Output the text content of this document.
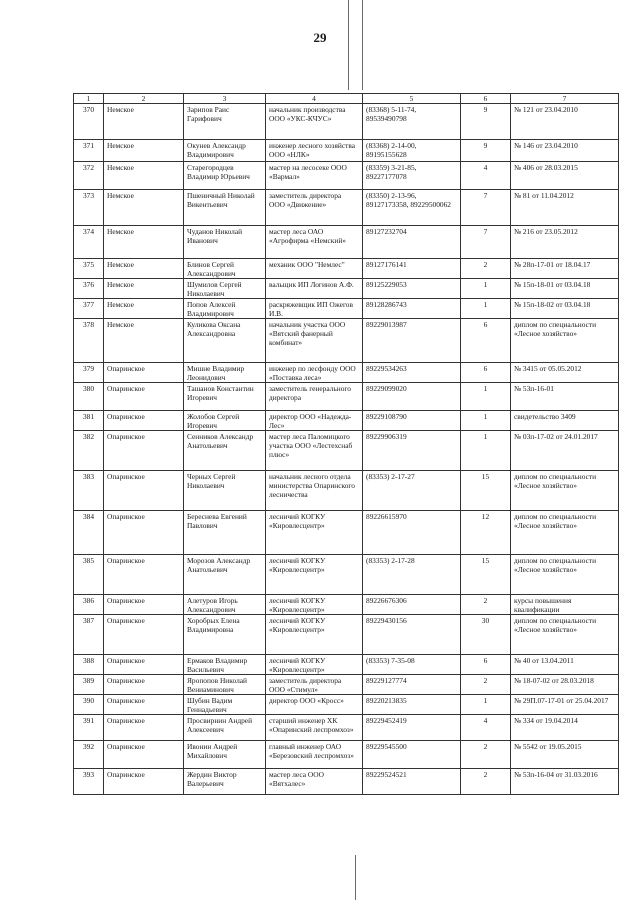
29
1	2	3	4	5	6	7
370	Немское	Зарипов Раис Гарифович	начальник производства ООО «УКС-КЧУС»	(83368) 5-11-74, 89539490798	9	№ 121 от 23.04.2010
371	Немское	Окунев Александр Владимирович	инженер лесного хозяйства ООО «НЛК»	(83368) 2-14-00, 89195155628	9	№ 146 от 23.04.2010
372	Немское	Старегородцев Владимир Юрьевич	мастер на лесосеке ООО «Вармал»	(83359) 3-21-85, 89227177078	4	№ 406 от 28.03.2015
373	Немское	Пшеничный Николай Викентьевич	заместитель директора ООО «Движение»	(83350) 2-13-96, 89127173358, 89229500062	7	№ 81 от 11.04.2012
374	Немское	Чуданов Николай Иванович	мастер леса ОАО «Агрофирма «Немский»	89127232704	7	№ 216 от 23.05.2012
375	Немское	Блинов Сергей Александрович	механик ООО "Немлес"	89127176141	2	№ 28п-17-01 от 18.04.17
376	Немское	Шумилов Сергей Николаевич	вальщик ИП Логинов А.Ф.	89125229053	1	№ 15п-18-01 от 03.04.18
377	Немское	Попов Алексей Владимирович	раскряжевщик ИП Ожегов И.В.	89128286743	1	№ 15п-18-02 от 03.04.18
378	Немское	Куликова Оксана Александровна	начальник участка ООО «Вятский фанерный комбинат»	89229013987	6	диплом по специальности «Лесное хозяйство»
379	Опаринское	Мишне Владимир Леонидович	инженер по лесфонду ООО «Поставка леса»	89229534263	6	№ 3415 от 05.05.2012
380	Опаринское	Ташанов Константин Игоревич	заместитель генерального директора	89229099020	1	№ 53п-16-01
381	Опаринское	Жолобов Сергей Игоревич	директор ООО «Надежда-Лес»	89229108790	1	свидетельство 3409
382	Опаринское	Сенников Александр Анатольевич	мастер леса Паломицкого участка ООО «Лестехснаб плюс»	89229906319	1	№ 03п-17-02 от 24.01.2017
383	Опаринское	Черных Сергей Николаевич	начальник лесного отдела министерства Опаринского лесничества	(83353) 2-17-27	15	диплом по специальности «Лесное хозяйство»
384	Опаринское	Береснева Евгений Павлович	лесничий КОГКУ «Кировлесцентр»	89226615970	12	диплом по специальности «Лесное хозяйство»
385	Опаринское	Морозов Александр Анатольевич	лесничий КОГКУ «Кировлесцентр»	(83353) 2-17-28	15	диплом по специальности «Лесное хозяйство»
386	Опаринское	Алетуров Игорь Александрович	лесничий КОГКУ «Кировлесцентр»	89226676306	2	курсы повышения квалификации
387	Опаринское	Хоробрых Елена Владимировна	лесничий КОГКУ «Кировлесцентр»	89229430156	30	диплом по специальности «Лесное хозяйство»
388	Опаринское	Ермаков Владимир Васильевич	лесничий КОГКУ «Кировлесцентр»	(83353) 7-35-08	6	№ 40 от 13.04.2011
389	Опаринское	Яропопов Николай Вениаминович	заместитель директора ООО «Стимул»	89229127774	2	№ 18-07-02 от 28.03.2018
390	Опаринское	Шубин Вадим Геннадьевич	директор ООО «Кросс»	89220213835	1	№ 29П.07-17-01 от 25.04.2017
391	Опаринское	Просвирнин Андрей Алексеевич	старший инженер ХК «Опаринский леспромхоз»	89229452419	4	№ 334 от 19.04.2014
392	Опаринское	Ивонин Андрей Михайлович	главный инженер ОАО «Березовский леспромхоз»	89229545500	2	№ 5542 от 19.05.2015
393	Опаринское	Жердин Виктор Валерьевич	мастер леса ООО «Вятхалес»	89229524521	2	№ 53п-16-04 от 31.03.2016
